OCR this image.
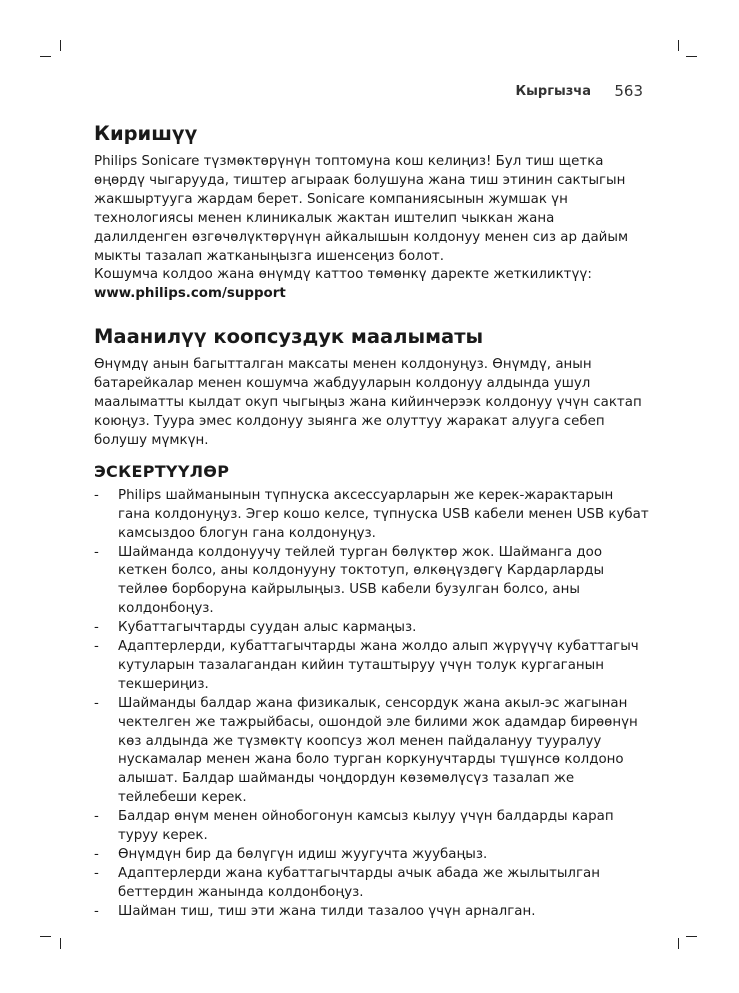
Кыргызча 563
Киришүү

Philips Sonicare түзмөктөрүнүн топтомуна кош келиңиз! Бул тиш щетка өңөрдү чыгарууда, тиштер агыраак болушуна жана тиш этинин сактыгын жакшыртууга жардам берет. Sonicare компаниясынын жумшак үн технологиясы менен клиникалык жактан иштелип чыккан жана далилденген өзгөчөлүктөрүнүн айкалышын колдонуу менен сиз ар дайым мыкты тазалап жатканыңызга ишенсеңиз болот.

Кошумча колдоо жана өнүмдү каттоо төмөнкү даректе жеткиликтүү:

www.philips.com/support

Маанилүү коопсуздук маалыматы

Өнүмдү анын багытталган максаты менен колдонуңуз. Өнүмдү, анын батарейкалар менен кошумча жабдууларын колдонуу алдында ушул маалыматты кылдат окуп чыгыңыз жана кийинчерээк колдонуу үчүн сактап коюңуз. Туура эмес колдонуу зыянга же олуттуу жаракат алууга себеп болушу мүмкүн.

ЭСКЕРТҮҮЛӨР
- Philips шайманынын түпнуска аксессуарларын же керек-жарактарын гана колдонуңуз. Эгер кошо келсе, түпнуска USB кабели менен USB кубат камсыздоо блогун гана колдонуңуз.
- Шайманда колдонуучу тейлей турган бөлүктөр жок. Шайманга доо кеткен болсо, аны колдонууну токтотуп, өлкөңүздөгү Кардарларды тейлөө борборуна кайрылыңыз. USB кабели бузулган болсо, аны колдонбоңуз.
- Кубаттагычтарды суудан алыс кармаңыз.
- Адаптерлерди, кубаттагычтарды жана жолдо алып жүрүүчү кубаттагыч кутуларын тазалагандан кийин туташтыруу үчүн толук кургаганын текшериңиз.
- Шайманды балдар жана физикалык, сенсордук жана акыл-эс жагынан чектелген же тажрыйбасы, ошондой эле билими жок адамдар бирөөнүн көз алдында же түзмөктү коопсуз жол менен пайдалануу тууралуу нускамалар менен жана боло турган коркунучтарды түшүнсө колдоно алышат. Балдар шайманды чоңдордун көзөмөлүсүз тазалап же тейлебеши керек.
- Балдар өнүм менен ойнобогонун камсыз кылуу үчүн балдарды карап туруу керек.
- Өнүмдүн бир да бөлүгүн идиш жуугучта жуубаңыз.
- Адаптерлерди жана кубаттагычтарды ачык абада же жылытылган беттердин жанында колдонбоңуз.
- Шайман тиш, тиш эти жана тилди тазалоо үчүн арналган.
